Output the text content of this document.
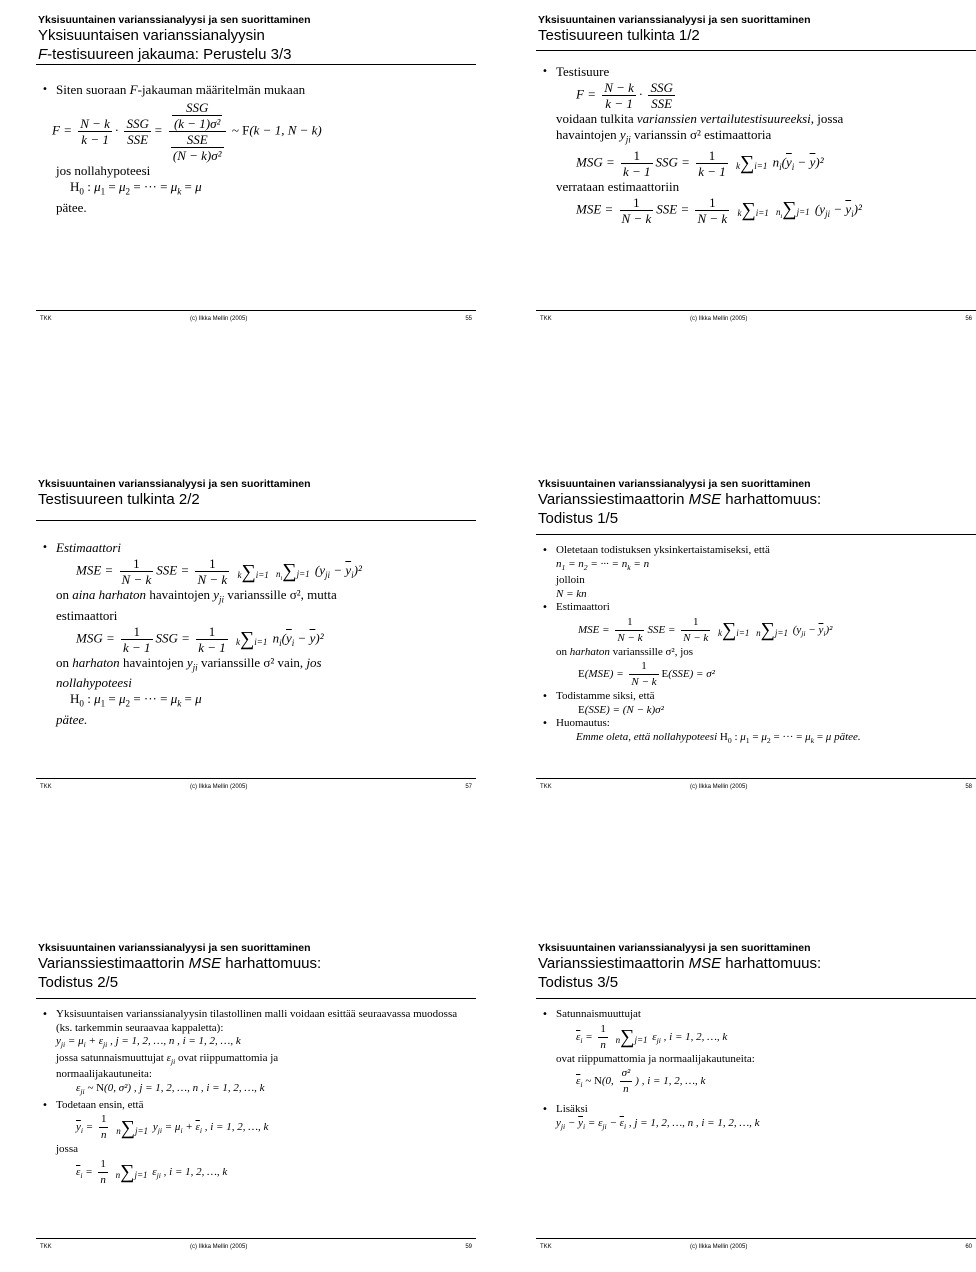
Yksisuuntainen varianssianalyysi ja sen suorittaminen
Yksisuuntaisen varianssianalyysin
F-testisuureen jakauma: Perustelu 3/3
• Siten suoraan F-jakauman määritelmän mukaan
$F = \frac{N - k}{k - 1} \cdot \frac{\text{SSG}}{\text{SSE}} = \frac{\frac{\text{SSG}}{\text{(k − 1)σ²}}}{\frac{\text{SSE}}{\text{(N − k)σ²}}}$ ~ F(k − 1, N − k)
jos nollahypoteesi
$H_0$ : $\mu_1 = \mu_2$ = ··· = $\mu_k = \mu$
pätee.
TKK	(c) Ilkka Mellin (2005)	55
Yksisuuntainen varianssianalyysi ja sen suorittaminen
Testisuureen tulkinta 1/2
• Testisuure
$F = \frac{N - k}{k - 1} \cdot \frac{\text{SSG}}{\text{SSE}}$
voidaan tulkita varianssien vertailutestisuureeksi, jossa
havaintojen $y_{ji}$ varianssin σ² estimaattoria
MSG = $\frac{1}{k - 1}$ SSG = $\frac{1}{k - 1} k\sum i=1$ $n_i(\overline{y}_i - \overline{y})^2$
verrataan estimaattoriin
MSE = $\frac{1}{N - k}$ SSE = $\frac{1}{N - k} k\sum i=1$ $n_i\sum j=1$ $(y_{ji} - \overline{y}_i)^2$
TKK	(c) Ilkka Mellin (2005)	56
Yksisuuntainen varianssianalyysi ja sen suorittaminen
Testisuureen tulkinta 2/2
• Estimaattori
MSE = $\frac{1}{N - k}$ SSE = $\frac{1}{N - k} k\sum i=1$ $n_i\sum j=1$ $(y_{ji} - \overline{y}_i)^2$
on aina harhaton havaintojen $y_{ji}$ varianssille σ², mutta
estimaattori
MSG = $\frac{1}{k - 1}$ SSG = $\frac{1}{k - 1} k\sum i=1$ $n_i(\overline{y}_i - \overline{y})^2$
on harhaton havaintojen $y_{ji}$ varianssille σ² vain, jos
nollahypoteesi
$H_0$ : $\mu_1 = \mu_2$ = ··· = $\mu_k = \mu$
pätee.
TKK	(c) Ilkka Mellin (2005)	57
Yksisuuntainen varianssianalyysi ja sen suorittaminen
Varianssiestimaattorin MSE harhattomuus:
Todistus 1/5
• Oletetaan todistuksen yksinkertaistamiseksi, että
$n_1 = n_2$ = ··· = $n_k = n$
jolloin
N = kn
• Estimaattori
MSE = $\frac{1}{N - k}$ SSE = $\frac{1}{N - k} k\sum i=1$ n∑j=1 $(y_{ji} - \overline{y}_i)^2$
on harhaton varianssille σ², jos
$E(MSE) = \frac{1}{N - k} E(SSE) = \sigma^2$
• Todistamme siksi, että
E(SSE) = (N − k)σ²
• Huomautus:
Emme oleta, että nollahypoteesi $H_0$ : $\mu_1 = \mu_2$ = ··· = $\mu_k = \mu$ pätee.
TKK	(c) Ilkka Mellin (2005)	58
Yksisuuntainen varianssianalyysi ja sen suorittaminen
Varianssiestimaattorin MSE harhattomuus:
Todistus 2/5
• Yksisuuntaisen varianssianalyysin tilastollinen malli voidaan esittää seuraavassa muodossa (ks. tarkemmin seuraavaa kappaletta):
$y_{ji} = \mu_i + \varepsilon_{ji}$ , j = 1, 2, …, n , i = 1, 2, …, k
jossa satunnaismuuttujat $\varepsilon_{ji}$ ovat riippumattomia ja
normaalijakautuneita:
$\varepsilon_{ji}$ ~ N(0, σ²) , j = 1, 2, …, n , i = 1, 2, …, k
• Todetaan ensin, että
$\overline{y}_i = \frac{1}{n} n\sum j=1$ $y_{ji} = \mu_i + \overline{\varepsilon}_i$ , i = 1, 2, …, k
jossa
$\overline{\varepsilon}_i = \frac{1}{n} n\sum j=1$ $\varepsilon_{ji}$ , i = 1, 2, …, k
TKK	(c) Ilkka Mellin (2005)	59
Yksisuuntainen varianssianalyysi ja sen suorittaminen
Varianssiestimaattorin MSE harhattomuus:
Todistus 3/5
• Satunnaismuuttujat
$\overline{\varepsilon}_i = \frac{1}{n} n\sum j=1$ $\varepsilon_{ji}$ , i = 1, 2, …, k
ovat riippumattomia ja normaalijakautuneita:
$\overline{\varepsilon}_i$ ~ N(0, $\frac{\text{σ²}}{n}$ ) , i = 1, 2, …, k
• Lisäksi
$y_{ji} - \overline{y}_i = \varepsilon_{ji} - \overline{\varepsilon}_i$ , j = 1, 2, …, n , i = 1, 2, …, k
TKK	(c) Ilkka Mellin (2005)	60
